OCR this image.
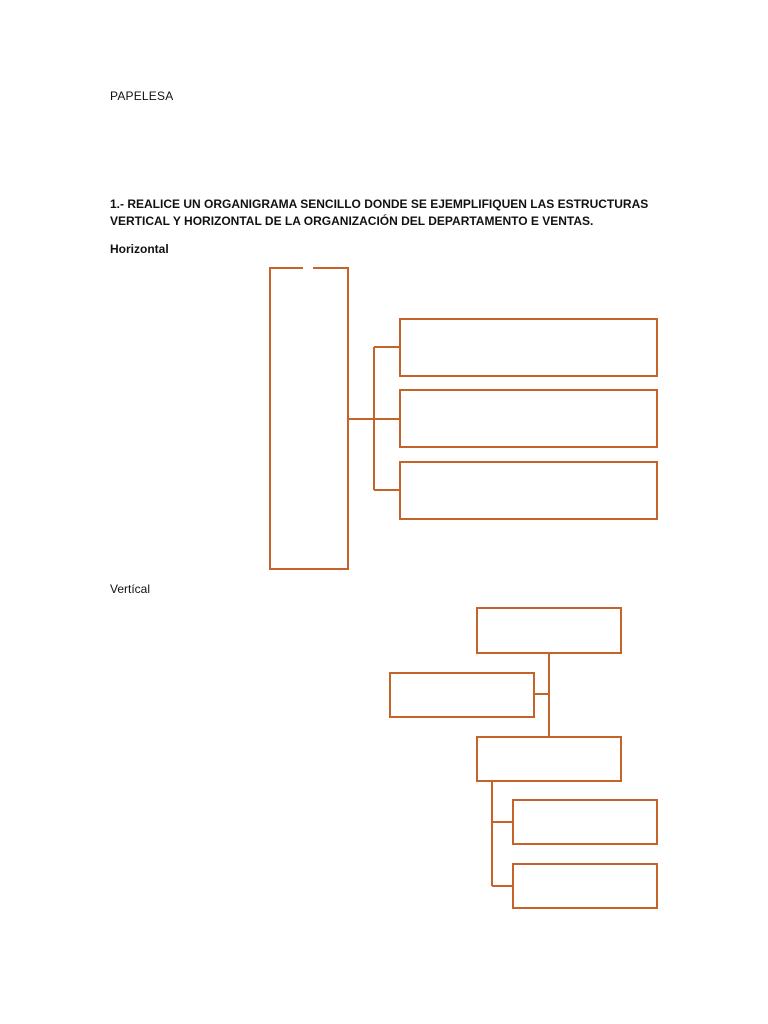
PAPELESA
1.- REALICE UN ORGANIGRAMA SENCILLO DONDE SE EJEMPLIFIQUEN LAS ESTRUCTURAS
VERTICAL Y HORIZONTAL DE LA ORGANIZACIÓN DEL DEPARTAMENTO E VENTAS.
Horizontal
Vertícal
